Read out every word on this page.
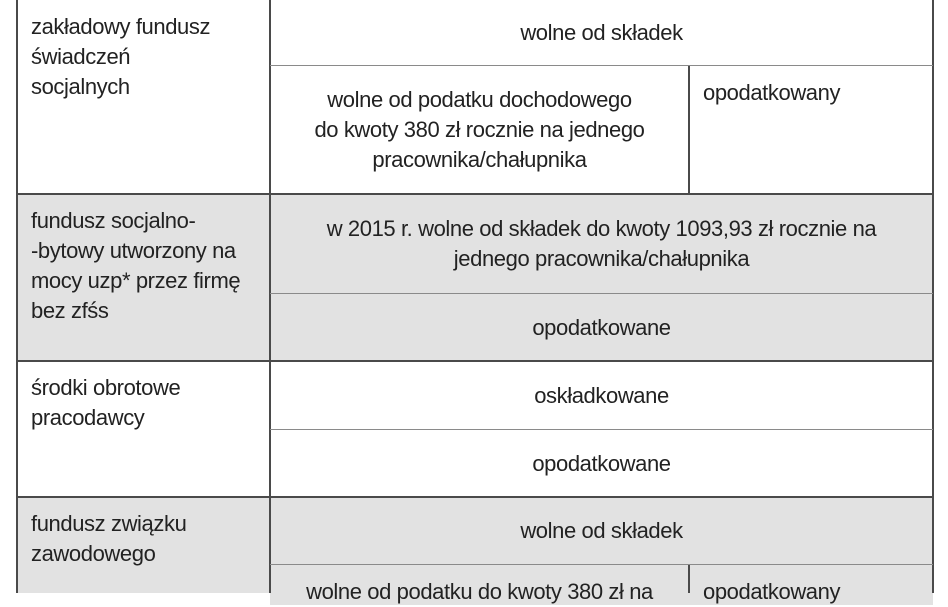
zakładowy fundusz
świadczeń
socjalnych
wolne od składek
wolne od podatku dochodowego
do kwoty 380 zł rocznie na jednego
pracownika/chałupnika
opodatkowany
fundusz socjalno-
-bytowy utworzony na
mocy uzp* przez firmę
bez zfśs
w 2015 r. wolne od składek do kwoty 1093,93 zł rocznie na
jednego pracownika/chałupnika
opodatkowane
środki obrotowe
pracodawcy
oskładkowane
opodatkowane
fundusz związku
zawodowego
wolne od składek
wolne od podatku do kwoty 380 zł na	opodatkowany
